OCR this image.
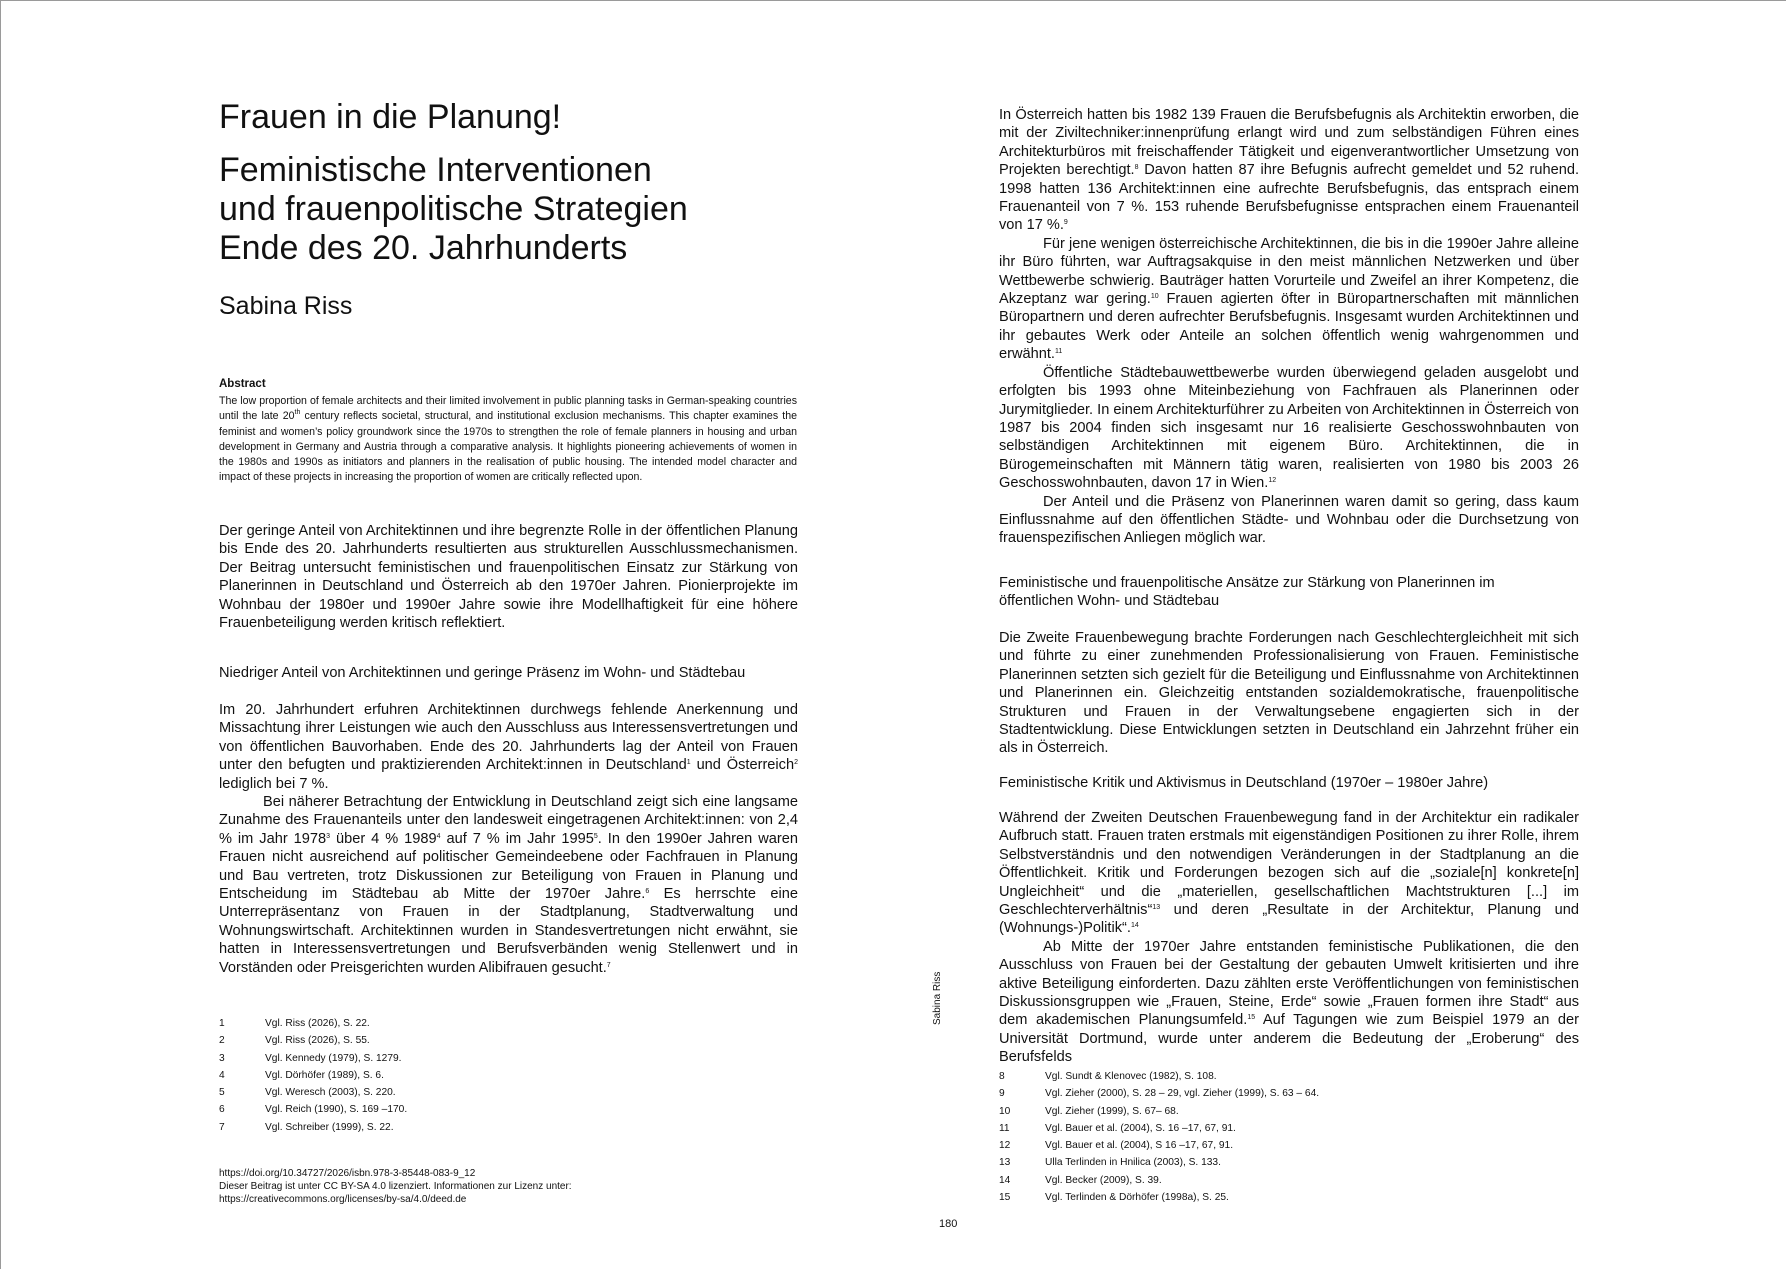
Frauen in die Planung!
Feministische Interventionen
und frauenpolitische Strategien
Ende des 20. Jahrhunderts

Sabina Riss

Abstract

The low proportion of female architects and their limited involvement in public planning tasks in German-speaking countries until the late 20th century reflects societal, structural, and institutional exclusion mechanisms. This chapter examines the feminist and women’s policy groundwork since the 1970s to strengthen the role of female planners in housing and urban development in Germany and Austria through a comparative analysis. It highlights pioneering achievements of women in the 1980s and 1990s as initiators and planners in the realisation of public housing. The intended model character and impact of these projects in increasing the proportion of women are critically reflected upon.

Der geringe Anteil von Architektinnen und ihre begrenzte Rolle in der öffentlichen Planung bis Ende des 20. Jahrhunderts resultierten aus strukturellen Ausschlussmechanismen. Der Beitrag untersucht feministischen und frauenpolitischen Einsatz zur Stärkung von Planerinnen in Deutschland und Österreich ab den 1970er Jahren. Pionierprojekte im Wohnbau der 1980er und 1990er Jahre sowie ihre Modellhaftigkeit für eine höhere Frauenbeteiligung werden kritisch reflektiert.

Niedriger Anteil von Architektinnen und geringe Präsenz im Wohn- und Städtebau

Im 20. Jahrhundert erfuhren Architektinnen durchwegs fehlende Anerkennung und Missachtung ihrer Leistungen wie auch den Ausschluss aus Interessensvertretungen und von öffentlichen Bauvorhaben. Ende des 20. Jahrhunderts lag der Anteil von Frauen unter den befugten und praktizierenden Architekt:innen in Deutschland$^1$ und Österreich$^2$ lediglich bei 7 %.

Bei näherer Betrachtung der Entwicklung in Deutschland zeigt sich eine langsame Zunahme des Frauenanteils unter den landesweit eingetragenen Architekt:innen: von 2,4 % im Jahr 1978$^3$ über 4 % 1989$^4$ auf 7 % im Jahr 1995$^5$. In den 1990er Jahren waren Frauen nicht ausreichend auf politischer Gemeindeebene oder Fachfrauen in Planung und Bau vertreten, trotz Diskussionen zur Beteiligung von Frauen in Planung und Entscheidung im Städtebau ab Mitte der 1970er Jahre.$^6$ Es herrschte eine Unterrepräsentanz von Frauen in der Stadtplanung, Stadtverwaltung und Wohnungswirtschaft. Architektinnen wurden in Standesvertretungen nicht erwähnt, sie hatten in Interessensvertretungen und Berufsverbänden wenig Stellenwert und in Vorständen oder Preisgerichten wurden Alibifrauen gesucht.$^7$

1	Vgl. Riss (2026), S. 22.
2	Vgl. Riss (2026), S. 55.
3	Vgl. Kennedy (1979), S. 1279.
4	Vgl. Dörhöfer (1989), S. 6.
5	Vgl. Weresch (2003), S. 220.
6	Vgl. Reich (1990), S. 169 –170.
7	Vgl. Schreiber (1999), S. 22.

https://doi.org/10.34727/2026/isbn.978-3-85448-083-9_12
Dieser Beitrag ist unter CC BY-SA 4.0 lizenziert. Informationen zur Lizenz unter:
https://creativecommons.org/licenses/by-sa/4.0/deed.de

In Österreich hatten bis 1982 139 Frauen die Berufsbefugnis als Architektin erworben, die mit der Ziviltechniker:innenprüfung erlangt wird und zum selbständigen Führen eines Architekturbüros mit freischaffender Tätigkeit und eigenverantwortlicher Umsetzung von Projekten berechtigt.$^8$ Davon hatten 87 ihre Befugnis aufrecht gemeldet und 52 ruhend. 1998 hatten 136 Architekt:innen eine aufrechte Berufsbefugnis, das entsprach einem Frauenanteil von 7 %. 153 ruhende Berufsbefugnisse entsprachen einem Frauenanteil von 17 %.$^9$

Für jene wenigen österreichische Architektinnen, die bis in die 1990er Jahre alleine ihr Büro führten, war Auftragsakquise in den meist männlichen Netzwerken und über Wettbewerbe schwierig. Bauträger hatten Vorurteile und Zweifel an ihrer Kompetenz, die Akzeptanz war gering.$^{10}$ Frauen agierten öfter in Büropartnerschaften mit männlichen Büropartnern und deren aufrechter Berufsbefugnis. Insgesamt wurden Architektinnen und ihr gebautes Werk oder Anteile an solchen öffentlich wenig wahrgenommen und erwähnt.$^{11}$

Öffentliche Städtebauwettbewerbe wurden überwiegend geladen ausgelobt und erfolgten bis 1993 ohne Miteinbeziehung von Fachfrauen als Planerinnen oder Jurymitglieder. In einem Architekturführer zu Arbeiten von Architektinnen in Österreich von 1987 bis 2004 finden sich insgesamt nur 16 realisierte Geschosswohnbauten von selbständigen Architektinnen mit eigenem Büro. Architektinnen, die in Bürogemeinschaften mit Männern tätig waren, realisierten von 1980 bis 2003 26 Geschosswohnbauten, davon 17 in Wien.$^{12}$

Der Anteil und die Präsenz von Planerinnen waren damit so gering, dass kaum Einflussnahme auf den öffentlichen Städte- und Wohnbau oder die Durchsetzung von frauenspezifischen Anliegen möglich war.

Feministische und frauenpolitische Ansätze zur Stärkung von Planerinnen im öffentlichen Wohn- und Städtebau

Die Zweite Frauenbewegung brachte Forderungen nach Geschlechtergleichheit mit sich und führte zu einer zunehmenden Professionalisierung von Frauen. Feministische Planerinnen setzten sich gezielt für die Beteiligung und Einflussnahme von Architektinnen und Planerinnen ein. Gleichzeitig entstanden sozialdemokratische, frauenpolitische Strukturen und Frauen in der Verwaltungsebene engagierten sich in der Stadtentwicklung. Diese Entwicklungen setzten in Deutschland ein Jahrzehnt früher ein als in Österreich.

Feministische Kritik und Aktivismus in Deutschland (1970er – 1980er Jahre)

Während der Zweiten Deutschen Frauenbewegung fand in der Architektur ein radikaler Aufbruch statt. Frauen traten erstmals mit eigenständigen Positionen zu ihrer Rolle, ihrem Selbstverständnis und den notwendigen Veränderungen in der Stadtplanung an die Öffentlichkeit. Kritik und Forderungen bezogen sich auf die „soziale[n] konkrete[n] Ungleichheit“ und die „materiellen, gesellschaftlichen Machtstrukturen [...] im Geschlechterverhältnis“$^{13}$ und deren „Resultate in der Architektur, Planung und (Wohnungs-)Politik“.$^{14}$

Ab Mitte der 1970er Jahre entstanden feministische Publikationen, die den Ausschluss von Frauen bei der Gestaltung der gebauten Umwelt kritisierten und ihre aktive Beteiligung einforderten. Dazu zählten erste Veröffentlichungen von feministischen Diskussionsgruppen wie „Frauen, Steine, Erde“ sowie „Frauen formen ihre Stadt“ aus dem akademischen Planungsumfeld.$^{15}$ Auf Tagungen wie zum Beispiel 1979 an der Universität Dortmund, wurde unter anderem die Bedeutung der „Eroberung“ des Berufsfelds

8	Vgl. Sundt & Klenovec (1982), S. 108.
9	Vgl. Zieher (2000), S. 28 – 29, vgl. Zieher (1999), S. 63 – 64.
10	Vgl. Zieher (1999), S. 67– 68.
11	Vgl. Bauer et al. (2004), S. 16 –17, 67, 91.
12	Vgl. Bauer et al. (2004), S 16 –17, 67, 91.
13	Ulla Terlinden in Hnilica (2003), S. 133.
14	Vgl. Becker (2009), S. 39.
15	Vgl. Terlinden & Dörhöfer (1998a), S. 25.
Sabina Riss
180
